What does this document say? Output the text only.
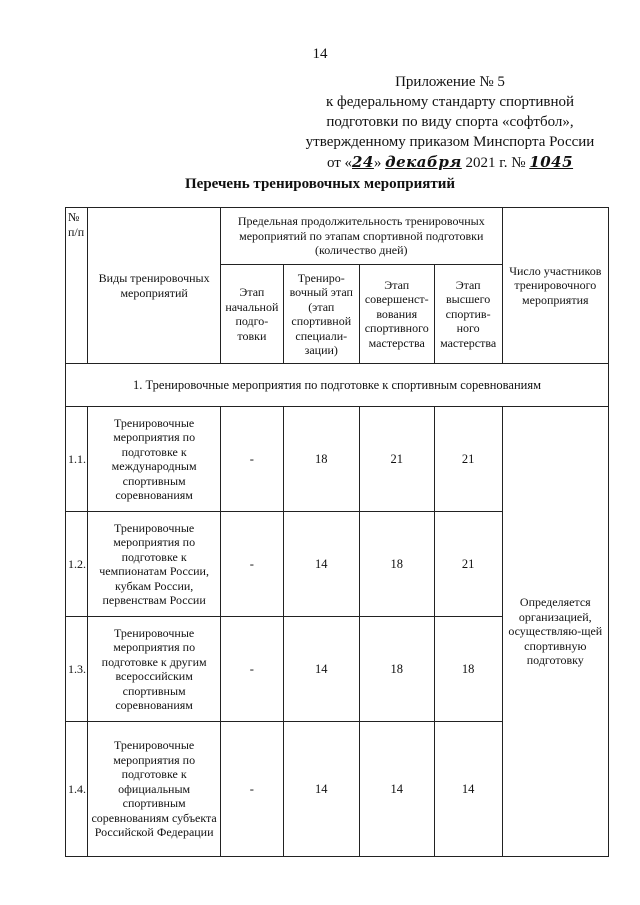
14
Приложение № 5
к федеральному стандарту спортивной
подготовки по виду спорта «софтбол»,
утвержденному приказом Минспорта России
от «24» декабря 2021 г. № 1045
Перечень тренировочных мероприятий
№ п/п	Виды тренировочных мероприятий	Предельная продолжительность тренировочных мероприятий по этапам спортивной подготовки (количество дней)				Число участников тренировочного мероприятия
		Этап начальной подго-товки	Трениро-вочный этап (этап спортивной специали-зации)	Этап совершенст-вования спортивного мастерства	Этап высшего спортив-ного мастерства	
1. Тренировочные мероприятия по подготовке к спортивным соревнованиям						
1.1.	Тренировочные мероприятия по подготовке к международным спортивным соревнованиям	-	18	21	21	Определяется организацией, осуществляю-щей спортивную подготовку
1.2.	Тренировочные мероприятия по подготовке к чемпионатам России, кубкам России, первенствам России	-	14	18	21	
1.3.	Тренировочные мероприятия по подготовке к другим всероссийским спортивным соревнованиям	-	14	18	18	
1.4.	Тренировочные мероприятия по подготовке к официальным спортивным соревнованиям субъекта Российской Федерации	-	14	14	14	
